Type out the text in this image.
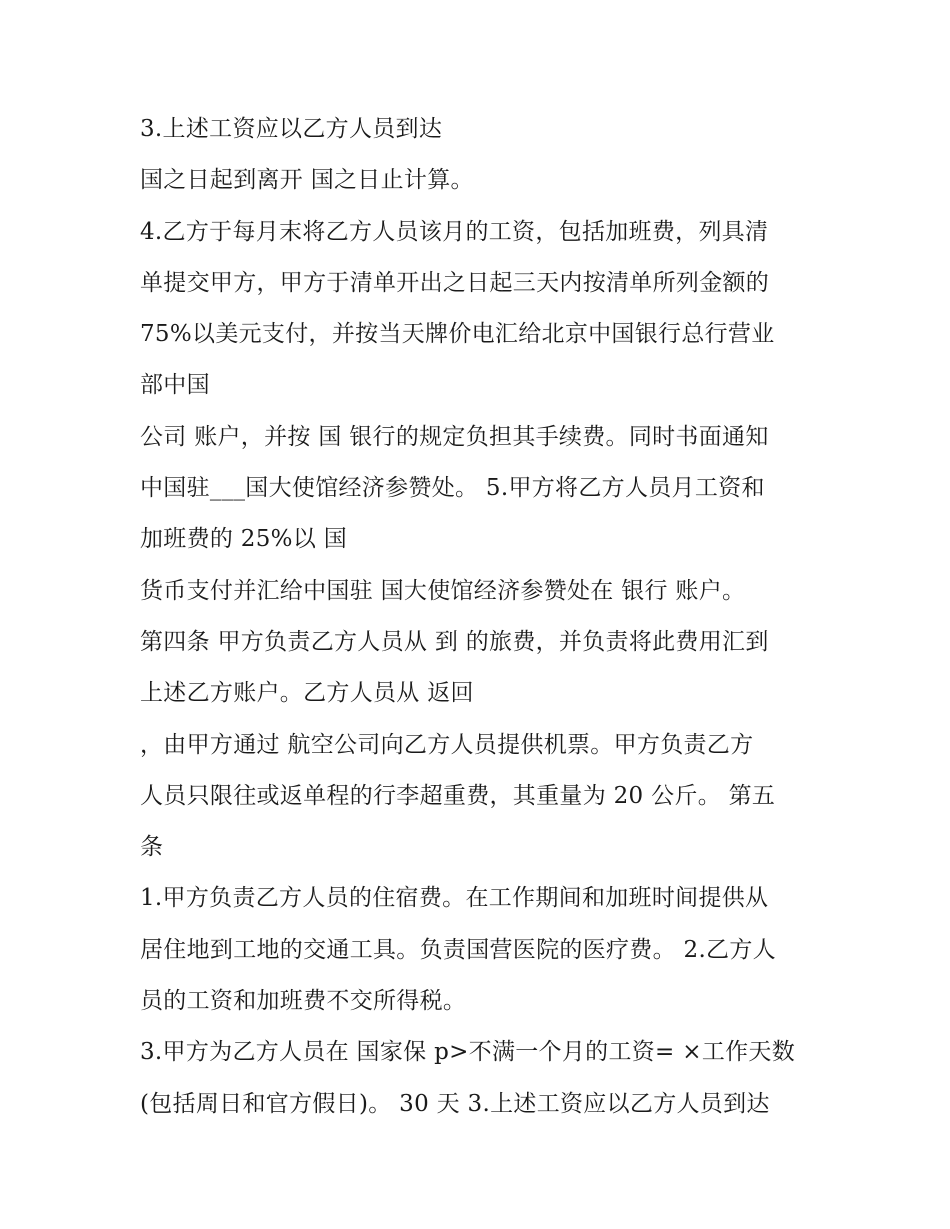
3.上述工资应以乙方人员到达
国之日起到离开 国之日止计算。
4.乙方于每月末将乙方人员该月的工资，包括加班费，列具清
单提交甲方，甲方于清单开出之日起三天内按清单所列金额的
75%以美元支付，并按当天牌价电汇给北京中国银行总行营业
部中国
公司 账户，并按 国 银行的规定负担其手续费。同时书面通知
中国驻___国大使馆经济参赞处。 5.甲方将乙方人员月工资和
加班费的 25%以 国
货币支付并汇给中国驻 国大使馆经济参赞处在 银行 账户。
第四条 甲方负责乙方人员从 到 的旅费，并负责将此费用汇到
上述乙方账户。乙方人员从 返回
，由甲方通过 航空公司向乙方人员提供机票。甲方负责乙方
人员只限往或返单程的行李超重费，其重量为 20 公斤。 第五
条
1.甲方负责乙方人员的住宿费。在工作期间和加班时间提供从
居住地到工地的交通工具。负责国营医院的医疗费。 2.乙方人
员的工资和加班费不交所得税。
3.甲方为乙方人员在 国家保 p>不满一个月的工资= ×工作天数
(包括周日和官方假日)。 30 天 3.上述工资应以乙方人员到达
